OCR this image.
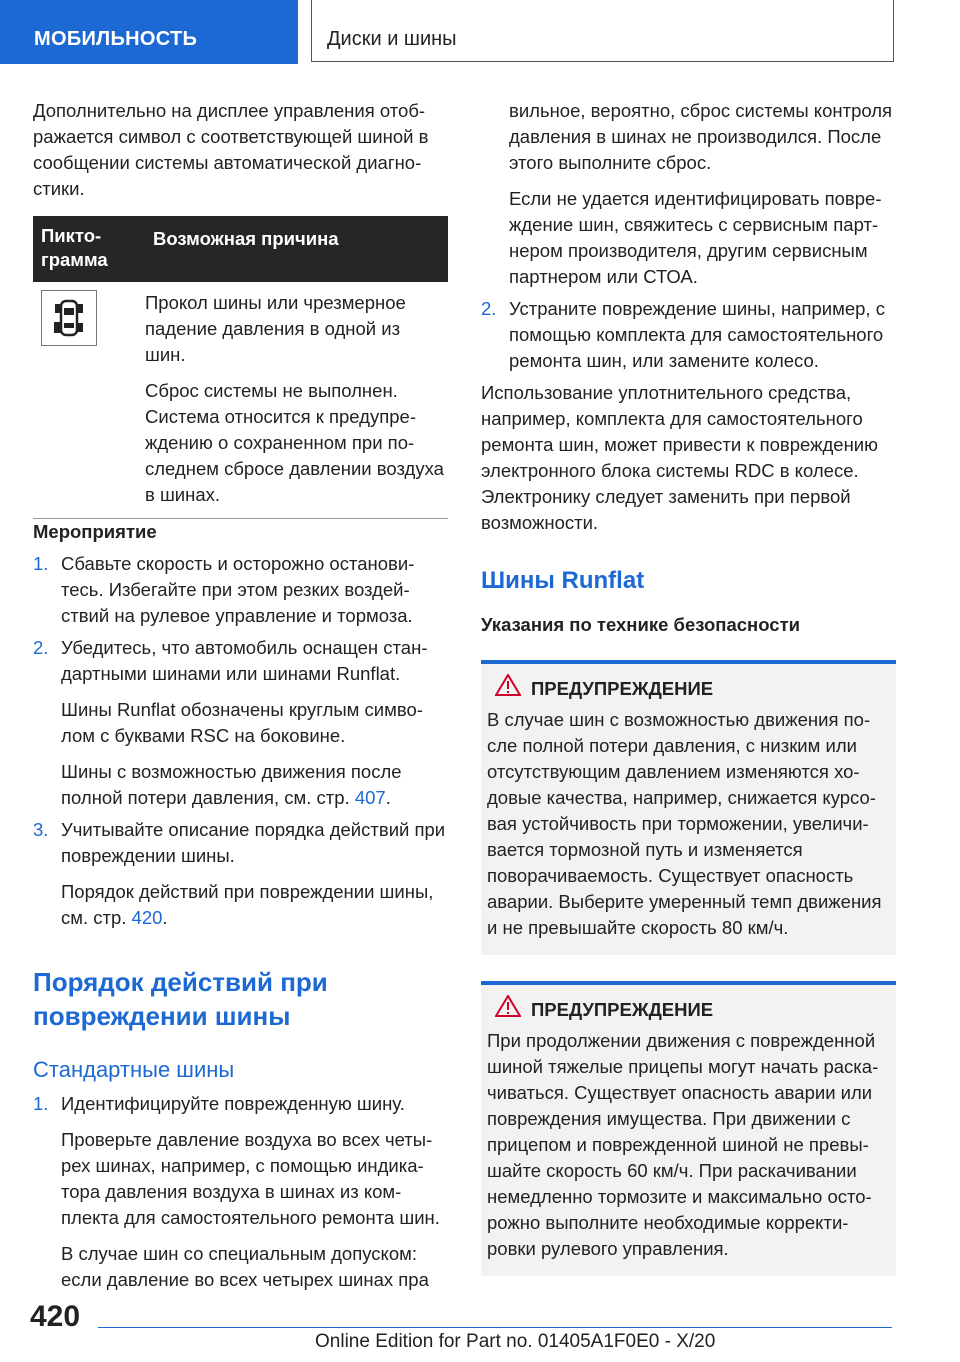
МОБИЛЬНОСТЬ	Диски и шины

Дополнительно на дисплее управления отображается символ с соответствующей шиной в сообщении системы автоматической диагностики.

Пиктограмма
Возможная причина

Прокол шины или чрезмерное падение давления в одной из шин.

Сброс системы не выполнен. Система относится к предупреждению о сохраненном при последнем сбросе давлении воздуха в шинах.

Мероприятие

1. Сбавьте скорость и осторожно остановитесь. Избегайте при этом резких воздействий на рулевое управление и тормоза.

2. Убедитесь, что автомобиль оснащен стандартными шинами или шинами Runflat.

Шины Runflat обозначены круглым символом с буквами RSC на боковине.

Шины с возможностью движения после полной потери давления, см. стр. 407.

3. Учитывайте описание порядка действий при повреждении шины.

Порядок действий при повреждении шины, см. стр. 420.

Порядок действий при повреждении шины
Стандартные шины
1. Идентифицируйте поврежденную шину.

Проверьте давление воздуха во всех четырех шинах, например, с помощью индикатора давления воздуха в шинах из комплекта для самостоятельного ремонта шин.

В случае шин со специальным допуском: если давление во всех четырех шинах пра

вильное, вероятно, сброс системы контроля давления в шинах не производился. После этого выполните сброс.

Если не удается идентифицировать повреждение шин, свяжитесь с сервисным партнером производителя, другим сервисным партнером или СТОА.

2. Устраните повреждение шины, например, с помощью комплекта для самостоятельного ремонта шин, или замените колесо.

Использование уплотнительного средства, например, комплекта для самостоятельного ремонта шин, может привести к повреждению электронного блока системы RDC в колесе. Электронику следует заменить при первой возможности.

Шины Runflat
Указания по технике безопасности
ПРЕДУПРЕЖДЕНИЕ

В случае шин с возможностью движения после полной потери давления, с низким или отсутствующим давлением изменяются ходовые качества, например, снижается курсовая устойчивость при торможении, увеличивается тормозной путь и изменяется поворачиваемость. Существует опасность аварии. Выберите умеренный темп движения и не превышайте скорость 80 км/ч.

ПРЕДУПРЕЖДЕНИЕ

При продолжении движения с поврежденной шиной тяжелые прицепы могут начать раскачиваться. Существует опасность аварии или повреждения имущества. При движении с прицепом и поврежденной шиной не превышайте скорость 60 км/ч. При раскачивании немедленно тормозите и максимально осторожно выполните необходимые корректировки рулевого управления.

420
Online Edition for Part no. 01405A1F0E0 - X/20
